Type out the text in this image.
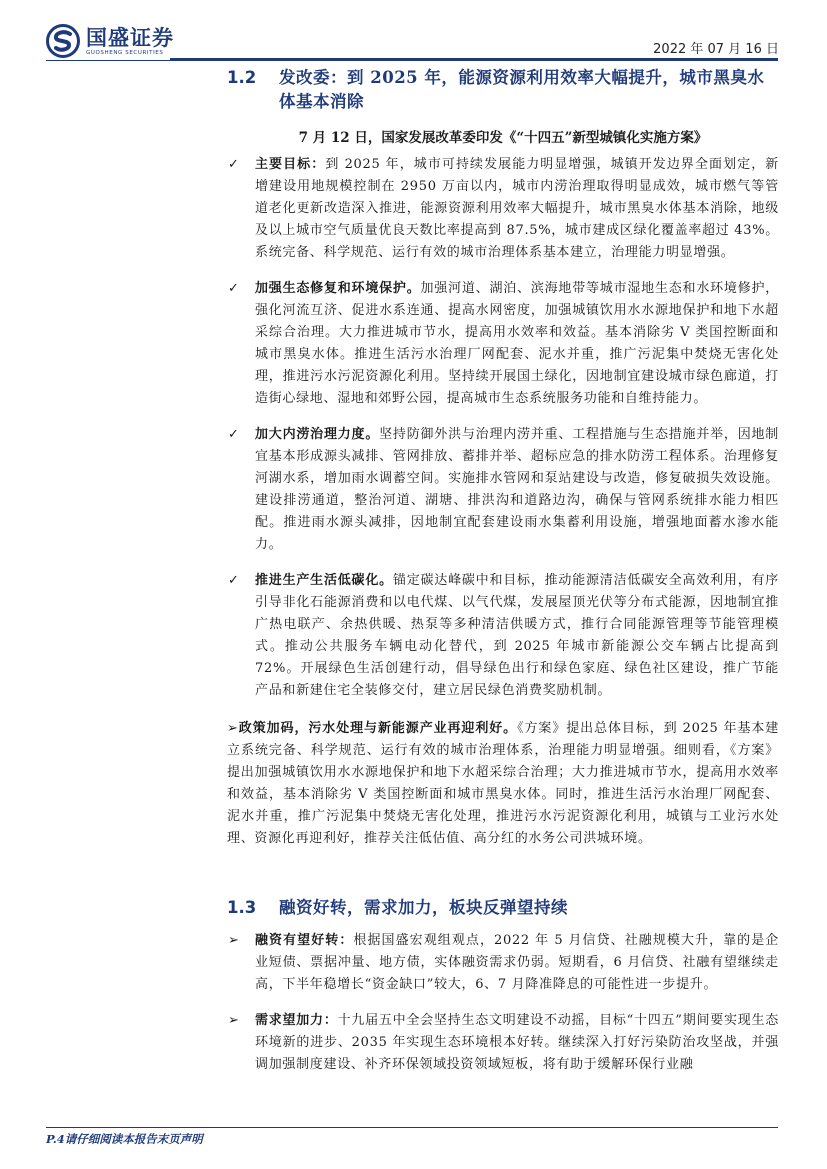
国盛证券
GUOSHENG SECURITIES	2022 年 07 月 16 日
1.2	发改委：到 2025 年，能源资源利用效率大幅提升，城市黑臭水体基本消除
7 月 12 日，国家发展改革委印发《“十四五”新型城镇化实施方案》
✓	主要目标：到 2025 年，城市可持续发展能力明显增强，城镇开发边界全面划定，新增建设用地规模控制在 2950 万亩以内，城市内涝治理取得明显成效，城市燃气等管道老化更新改造深入推进，能源资源利用效率大幅提升，城市黑臭水体基本消除，地级及以上城市空气质量优良天数比率提高到 87.5%，城市建成区绿化覆盖率超过 43%。系统完备、科学规范、运行有效的城市治理体系基本建立，治理能力明显增强。
✓	加强生态修复和环境保护。加强河道、湖泊、滨海地带等城市湿地生态和水环境修护，强化河流互济、促进水系连通、提高水网密度，加强城镇饮用水水源地保护和地下水超采综合治理。大力推进城市节水，提高用水效率和效益。基本消除劣 V 类国控断面和城市黑臭水体。推进生活污水治理厂网配套、泥水并重，推广污泥集中焚烧无害化处理，推进污水污泥资源化利用。坚持续开展国土绿化，因地制宜建设城市绿色廊道，打造街心绿地、湿地和郊野公园，提高城市生态系统服务功能和自维持能力。
✓	加大内涝治理力度。坚持防御外洪与治理内涝并重、工程措施与生态措施并举，因地制宜基本形成源头减排、管网排放、蓄排并举、超标应急的排水防涝工程体系。治理修复河湖水系，增加雨水调蓄空间。实施排水管网和泵站建设与改造，修复破损失效设施。建设排涝通道，整治河道、湖塘、排洪沟和道路边沟，确保与管网系统排水能力相匹配。推进雨水源头减排，因地制宜配套建设雨水集蓄利用设施，增强地面蓄水渗水能力。
✓	推进生产生活低碳化。锚定碳达峰碳中和目标，推动能源清洁低碳安全高效利用，有序引导非化石能源消费和以电代煤、以气代煤，发展屋顶光伏等分布式能源，因地制宜推广热电联产、余热供暖、热泵等多种清洁供暖方式，推行合同能源管理等节能管理模式。推动公共服务车辆电动化替代，到 2025 年城市新能源公交车辆占比提高到 72%。开展绿色生活创建行动，倡导绿色出行和绿色家庭、绿色社区建设，推广节能产品和新建住宅全装修交付，建立居民绿色消费奖励机制。
➢政策加码，污水处理与新能源产业再迎利好。《方案》提出总体目标，到 2025 年基本建立系统完备、科学规范、运行有效的城市治理体系，治理能力明显增强。细则看，《方案》提出加强城镇饮用水水源地保护和地下水超采综合治理；大力推进城市节水，提高用水效率和效益，基本消除劣 V 类国控断面和城市黑臭水体。同时，推进生活污水治理厂网配套、泥水并重，推广污泥集中焚烧无害化处理，推进污水污泥资源化利用，城镇与工业污水处理、资源化再迎利好，推荐关注低估值、高分红的水务公司洪城环境。
1.3	融资好转，需求加力，板块反弹望持续
➢	融资有望好转：根据国盛宏观组观点，2022 年 5 月信贷、社融规模大升，靠的是企业短债、票据冲量、地方债，实体融资需求仍弱。短期看，6 月信贷、社融有望继续走高，下半年稳增长“资金缺口”较大，6、7 月降准降息的可能性进一步提升。
➢	需求望加力：十九届五中全会坚持生态文明建设不动摇，目标“十四五”期间要实现生态环境新的进步、2035 年实现生态环境根本好转。继续深入打好污染防治攻坚战，并强调加强制度建设、补齐环保领域投资领域短板，将有助于缓解环保行业融
P.4请仔细阅读本报告末页声明
